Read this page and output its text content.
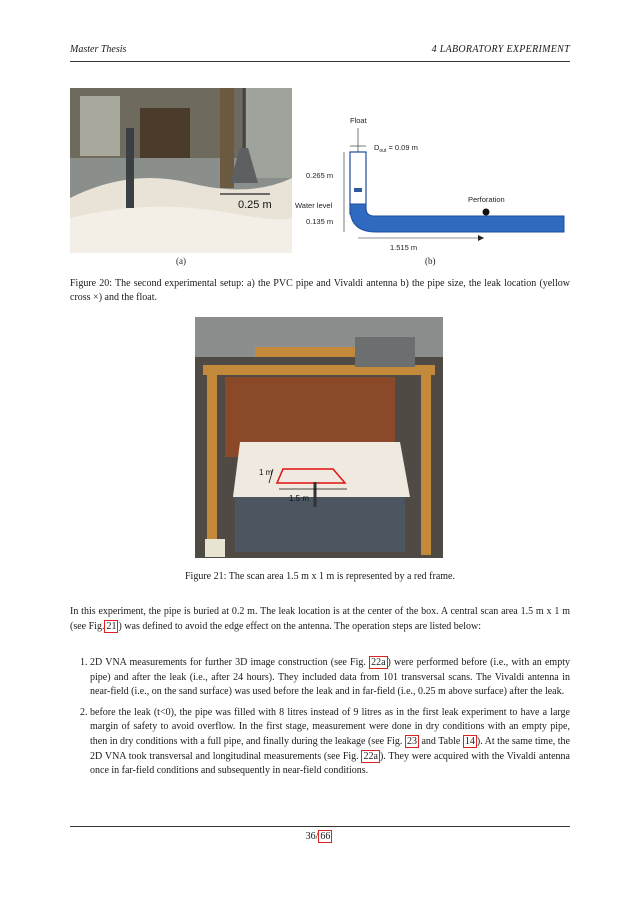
Master Thesis	4 LABORATORY EXPERIMENT
0.25 m
(a)
Float
$D_{out} = 0.09$ m
0.265 m
Water level
0.135 m
Perforation
1.515 m
(b)
Figure 20: The second experimental setup: a) the PVC pipe and Vivaldi antenna b) the pipe size, the leak location (yellow cross ×) and the float.
1 m
1.5 m
Figure 21: The scan area 1.5 m x 1 m is represented by a red frame.
In this experiment, the pipe is buried at 0.2 m. The leak location is at the center of the box. A central scan area 1.5 m x 1 m (see Fig. 21 ) was defined to avoid the edge effect on the antenna. The operation steps are listed below:
1. 2D VNA measurements for further 3D image construction (see Fig. 22a ) were performed before (i.e., with an empty pipe) and after the leak (i.e., after 24 hours). They included data from 101 transversal scans. The Vivaldi antenna in near-field (i.e., on the sand surface) was used before the leak and in far-field (i.e., 0.25 m above surface) after the leak.
2. before the leak (t<0), the pipe was filled with 8 litres instead of 9 litres as in the first leak experiment to have a large margin of safety to avoid overflow. In the first stage, measurement were done in dry conditions with an empty pipe, then in dry conditions with a full pipe, and finally during the leakage (see Fig. 23 and Table 14 ). At the same time, the 2D VNA took transversal and longitudinal measurements (see Fig. 22a ). They were acquired with the Vivaldi antenna once in far-field conditions and subsequently in near-field conditions.
36/ 66
